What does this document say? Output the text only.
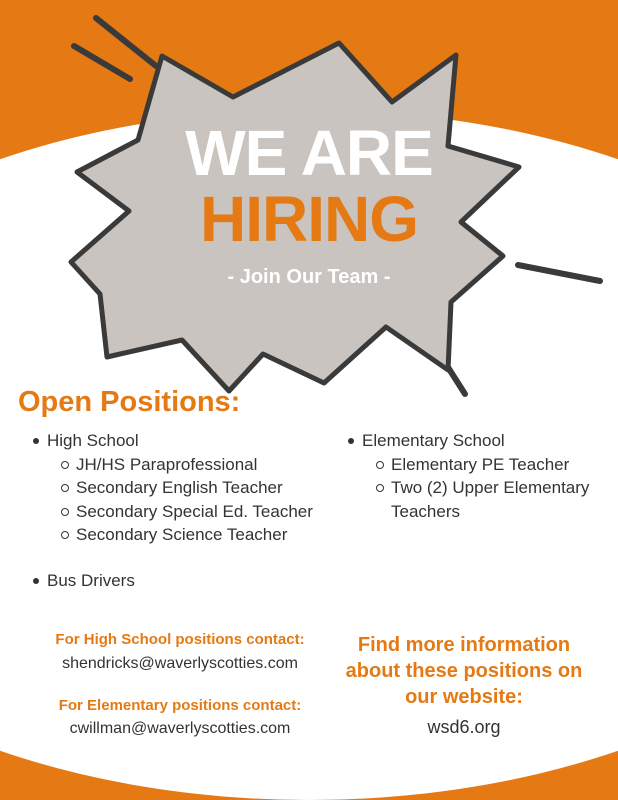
WE ARE
HIRING
- Join Our Team -
Open Positions:
High School
JH/HS Paraprofessional
Secondary English Teacher
Secondary Special Ed. Teacher
Secondary Science Teacher
Bus Drivers
Elementary School
Elementary PE Teacher
Two (2) Upper Elementary Teachers
For High School positions contact:
shendricks@waverlyscotties.com
For Elementary positions contact:
cwillman@waverlyscotties.com
Find more information about these positions on our website:
wsd6.org
